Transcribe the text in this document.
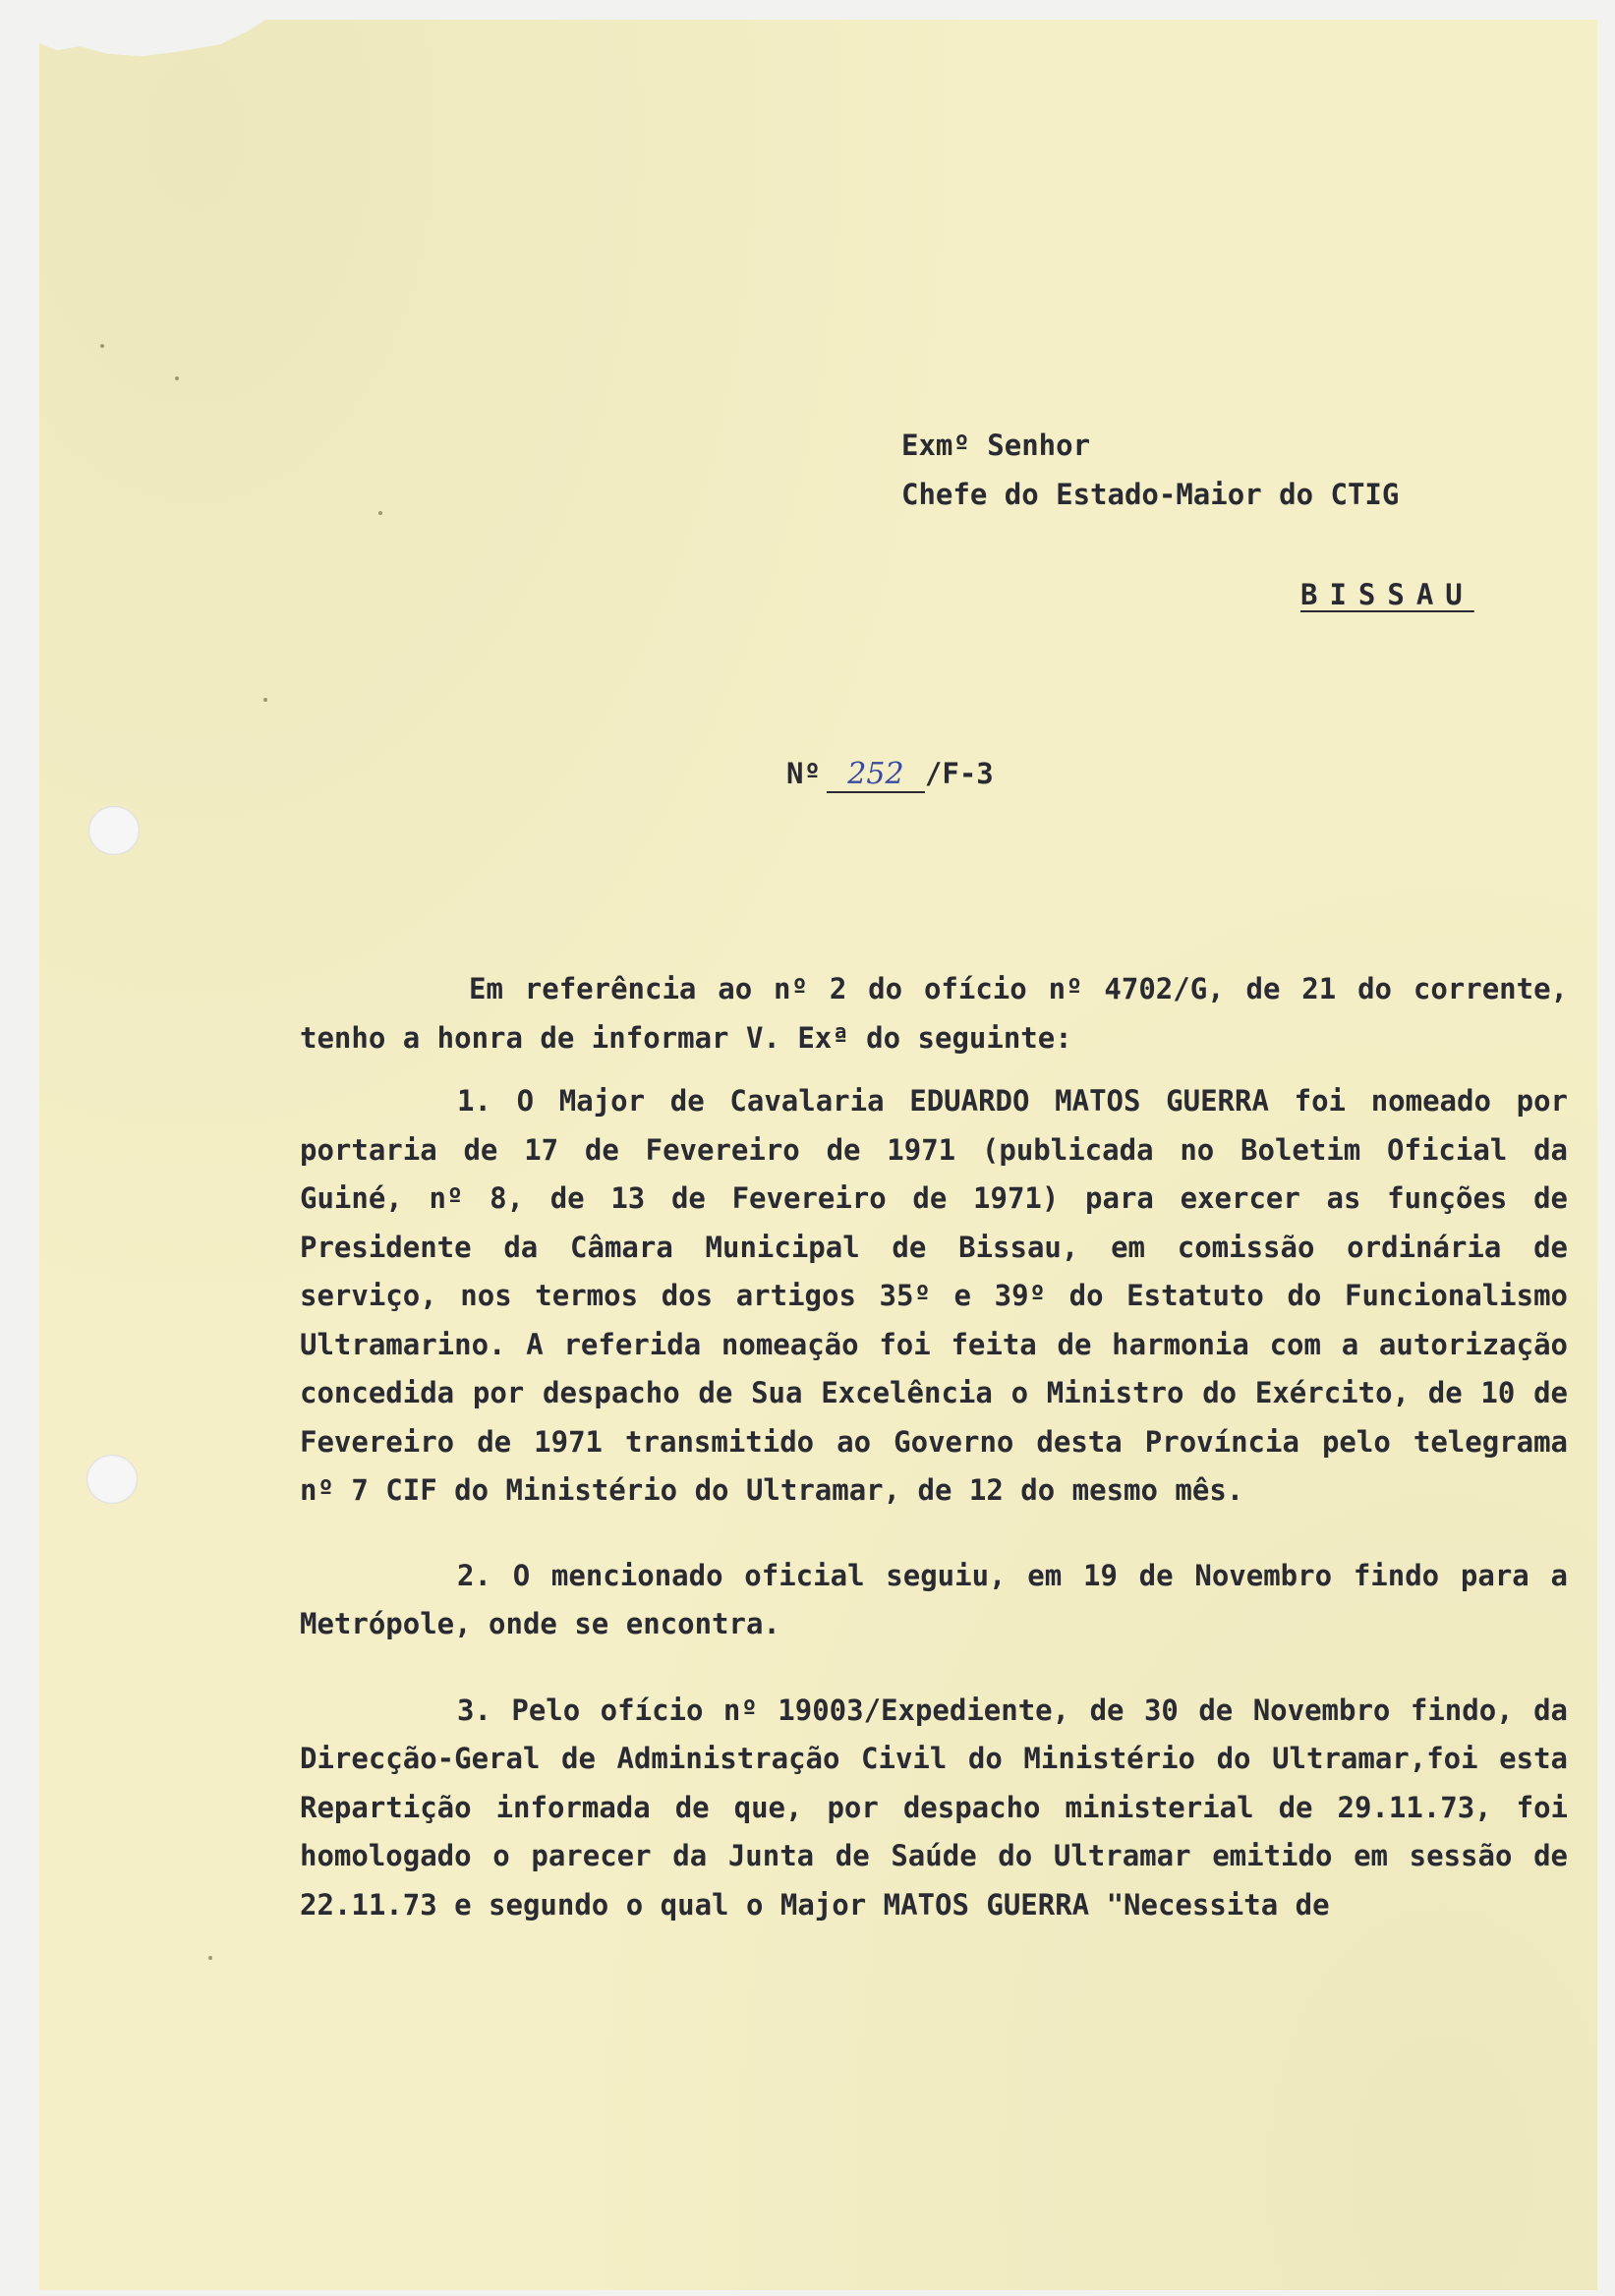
Exmº Senhor
Chefe do Estado-Maior do CTIG
BISSAU
Nº 252 /F-3

Em referência ao nº 2 do ofício nº 4702/G, de 21 do corrente, tenho a honra de informar V. Exª do seguinte:

1. O Major de Cavalaria EDUARDO MATOS GUERRA foi nomeado por portaria de 17 de Fevereiro de 1971 (publicada no Boletim Oficial da Guiné, nº 8, de 13 de Fevereiro de 1971) para exercer as funções de Presidente da Câmara Municipal de Bissau, em comissão ordinária de serviço, nos termos dos artigos 35º e 39º do Estatuto do Funcionalismo Ultramarino. A referida nomeação foi feita de harmonia com a autorização concedida por despacho de Sua Excelência o Ministro do Exército, de 10 de Fevereiro de 1971 transmitido ao Governo desta Província pelo telegrama nº 7 CIF do Ministério do Ultramar, de 12 do mesmo mês.

2. O mencionado oficial seguiu, em 19 de Novembro findo para a Metrópole, onde se encontra.

3. Pelo ofício nº 19003/Expediente, de 30 de Novembro findo, da Direcção-Geral de Administração Civil do Ministério do Ultramar,foi esta Repartição informada de que, por despacho ministerial de 29.11.73, foi homologado o parecer da Junta de Saúde do Ultramar emitido em sessão de 22.11.73 e segundo o qual o Major MATOS GUERRA "Necessita de
